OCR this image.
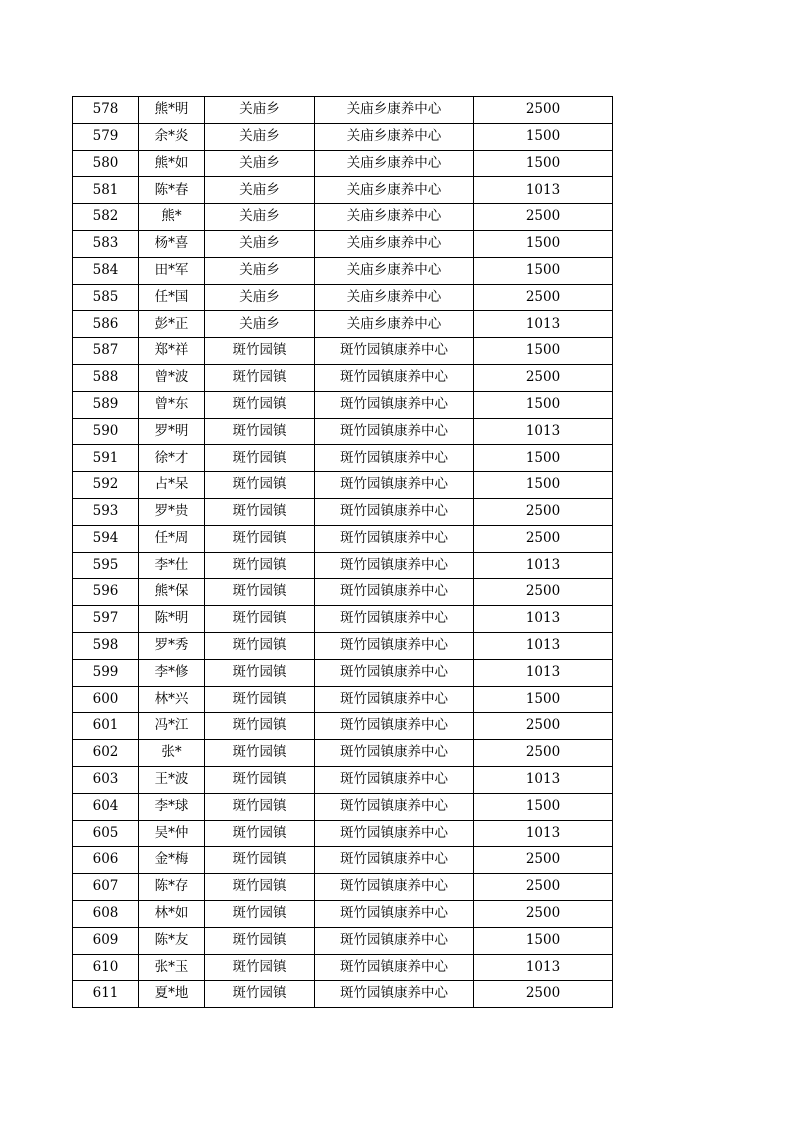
578	熊*明	关庙乡	关庙乡康养中心	2500
579	余*炎	关庙乡	关庙乡康养中心	1500
580	熊*如	关庙乡	关庙乡康养中心	1500
581	陈*春	关庙乡	关庙乡康养中心	1013
582	熊*	关庙乡	关庙乡康养中心	2500
583	杨*喜	关庙乡	关庙乡康养中心	1500
584	田*军	关庙乡	关庙乡康养中心	1500
585	任*国	关庙乡	关庙乡康养中心	2500
586	彭*正	关庙乡	关庙乡康养中心	1013
587	郑*祥	斑竹园镇	斑竹园镇康养中心	1500
588	曾*波	斑竹园镇	斑竹园镇康养中心	2500
589	曾*东	斑竹园镇	斑竹园镇康养中心	1500
590	罗*明	斑竹园镇	斑竹园镇康养中心	1013
591	徐*才	斑竹园镇	斑竹园镇康养中心	1500
592	占*呆	斑竹园镇	斑竹园镇康养中心	1500
593	罗*贵	斑竹园镇	斑竹园镇康养中心	2500
594	任*周	斑竹园镇	斑竹园镇康养中心	2500
595	李*仕	斑竹园镇	斑竹园镇康养中心	1013
596	熊*保	斑竹园镇	斑竹园镇康养中心	2500
597	陈*明	斑竹园镇	斑竹园镇康养中心	1013
598	罗*秀	斑竹园镇	斑竹园镇康养中心	1013
599	李*修	斑竹园镇	斑竹园镇康养中心	1013
600	林*兴	斑竹园镇	斑竹园镇康养中心	1500
601	冯*江	斑竹园镇	斑竹园镇康养中心	2500
602	张*	斑竹园镇	斑竹园镇康养中心	2500
603	王*波	斑竹园镇	斑竹园镇康养中心	1013
604	李*球	斑竹园镇	斑竹园镇康养中心	1500
605	吴*仲	斑竹园镇	斑竹园镇康养中心	1013
606	金*梅	斑竹园镇	斑竹园镇康养中心	2500
607	陈*存	斑竹园镇	斑竹园镇康养中心	2500
608	林*如	斑竹园镇	斑竹园镇康养中心	2500
609	陈*友	斑竹园镇	斑竹园镇康养中心	1500
610	张*玉	斑竹园镇	斑竹园镇康养中心	1013
611	夏*地	斑竹园镇	斑竹园镇康养中心	2500
